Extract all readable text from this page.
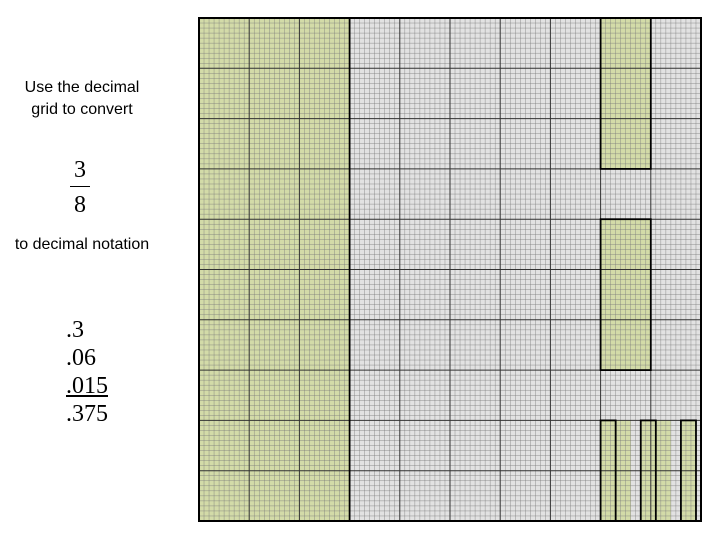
Use the decimal grid to convert
3
8
to decimal notation
.3
.06
.015
.375
